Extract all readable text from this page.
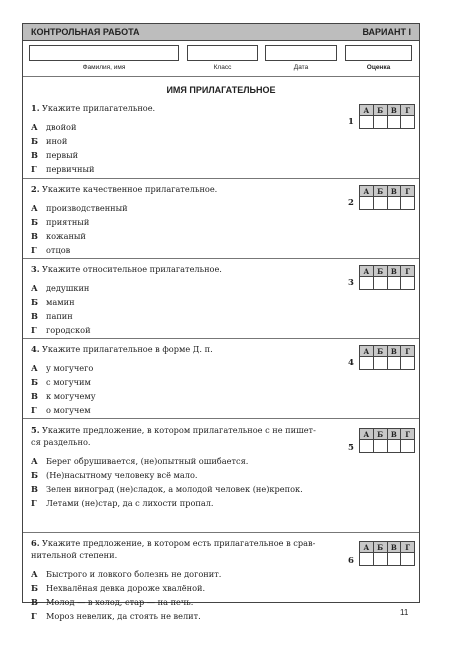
КОНТРОЛЬНАЯ РАБОТА	ВАРИАНТ I
Фамилия, имя	Класс	Дата	Оценка
ИМЯ ПРИЛАГАТЕЛЬНОЕ
1. Укажите прилагательное.
А двойой
Б иной
В первый
Г первичный
1
А	Б	В	Г

2. Укажите качественное прилагательное.
А производственный
Б приятный
В кожаный
Г отцов
2
А	Б	В	Г

3. Укажите относительное прилагательное.
А дедушкин
Б мамин
В папин
Г городской
3
А	Б	В	Г

4. Укажите прилагательное в форме Д. п.
А у могучего
Б с могучим
В к могучему
Г о могучем
4
А	Б	В	Г

5. Укажите предложение, в котором прилагательное с не пишет-
ся раздельно.
А Берег обрушивается, (не)опытный ошибается.
Б (Не)насытному человеку всё мало.
В Зелен виноград (не)сладок, а молодой человек (не)крепок.
Г Летами (не)стар, да с лихости пропал.
5
А	Б	В	Г

6. Укажите предложение, в котором есть прилагательное в срав-
нительной степени.
А Быстрого и ловкого болезнь не догонит.
Б Нехвалёная девка дороже хвалёной.
В Молод — в холод, стар — на печь.
Г Мороз невелик, да стоять не велит.
6
А	Б	В	Г

11
